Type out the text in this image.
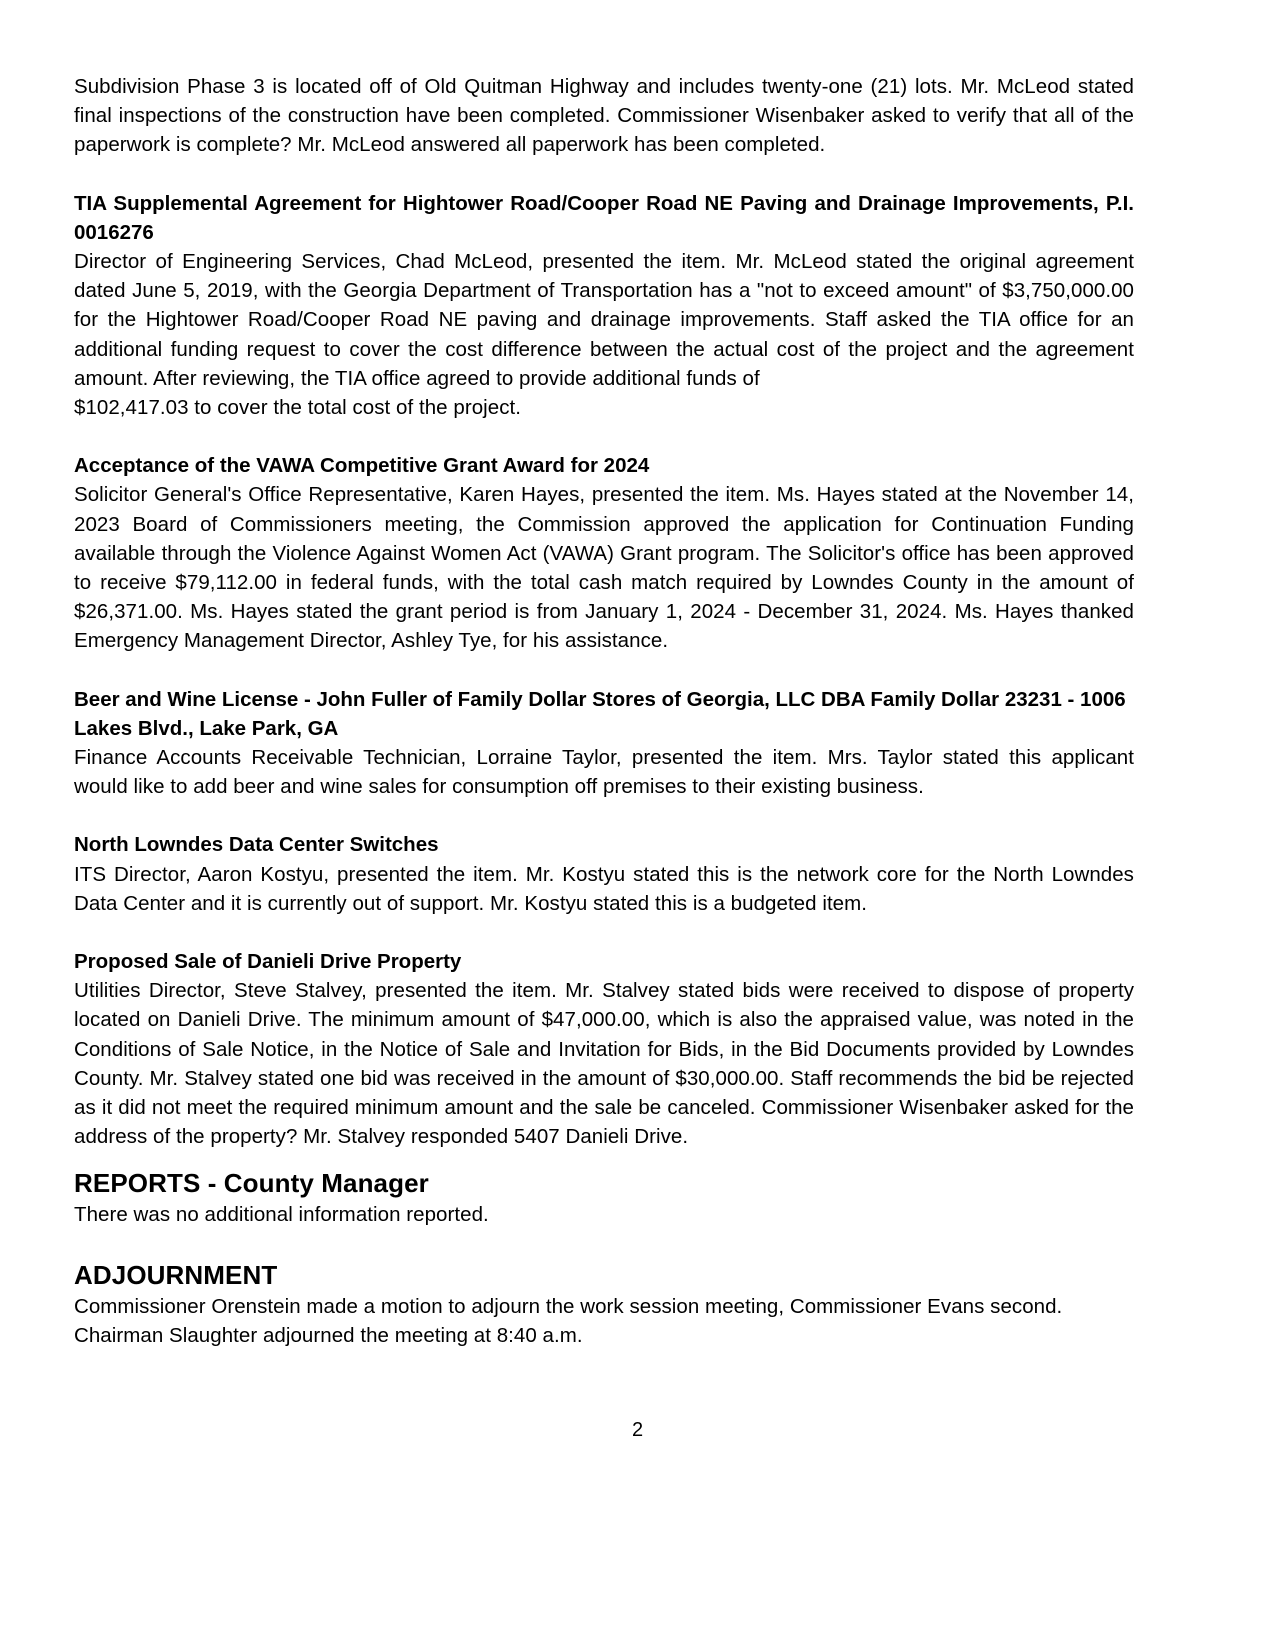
Subdivision Phase 3 is located off of Old Quitman Highway and includes twenty-one (21) lots. Mr. McLeod stated final inspections of the construction have been completed. Commissioner Wisenbaker asked to verify that all of the paperwork is complete? Mr. McLeod answered all paperwork has been completed.

TIA Supplemental Agreement for Hightower Road/Cooper Road NE Paving and Drainage Improvements, P.I. 0016276

Director of Engineering Services, Chad McLeod, presented the item. Mr. McLeod stated the original agreement dated June 5, 2019, with the Georgia Department of Transportation has a "not to exceed amount" of $3,750,000.00 for the Hightower Road/Cooper Road NE paving and drainage improvements. Staff asked the TIA office for an additional funding request to cover the cost difference between the actual cost of the project and the agreement amount. After reviewing, the TIA office agreed to provide additional funds of

$102,417.03 to cover the total cost of the project.

Acceptance of the VAWA Competitive Grant Award for 2024

Solicitor General's Office Representative, Karen Hayes, presented the item. Ms. Hayes stated at the November 14, 2023 Board of Commissioners meeting, the Commission approved the application for Continuation Funding available through the Violence Against Women Act (VAWA) Grant program. The Solicitor's office has been approved to receive $79,112.00 in federal funds, with the total cash match required by Lowndes County in the amount of $26,371.00. Ms. Hayes stated the grant period is from January 1, 2024 - December 31, 2024. Ms. Hayes thanked Emergency Management Director, Ashley Tye, for his assistance.

Beer and Wine License - John Fuller of Family Dollar Stores of Georgia, LLC DBA Family Dollar 23231 - 1006 Lakes Blvd., Lake Park, GA

Finance Accounts Receivable Technician, Lorraine Taylor, presented the item. Mrs. Taylor stated this applicant would like to add beer and wine sales for consumption off premises to their existing business.

North Lowndes Data Center Switches

ITS Director, Aaron Kostyu, presented the item. Mr. Kostyu stated this is the network core for the North Lowndes Data Center and it is currently out of support. Mr. Kostyu stated this is a budgeted item.

Proposed Sale of Danieli Drive Property

Utilities Director, Steve Stalvey, presented the item. Mr. Stalvey stated bids were received to dispose of property located on Danieli Drive. The minimum amount of $47,000.00, which is also the appraised value, was noted in the Conditions of Sale Notice, in the Notice of Sale and Invitation for Bids, in the Bid Documents provided by Lowndes County. Mr. Stalvey stated one bid was received in the amount of $30,000.00. Staff recommends the bid be rejected as it did not meet the required minimum amount and the sale be canceled. Commissioner Wisenbaker asked for the address of the property? Mr. Stalvey responded 5407 Danieli Drive.

REPORTS - County Manager

There was no additional information reported.

ADJOURNMENT

Commissioner Orenstein made a motion to adjourn the work session meeting, Commissioner Evans second. Chairman Slaughter adjourned the meeting at 8:40 a.m.

2
